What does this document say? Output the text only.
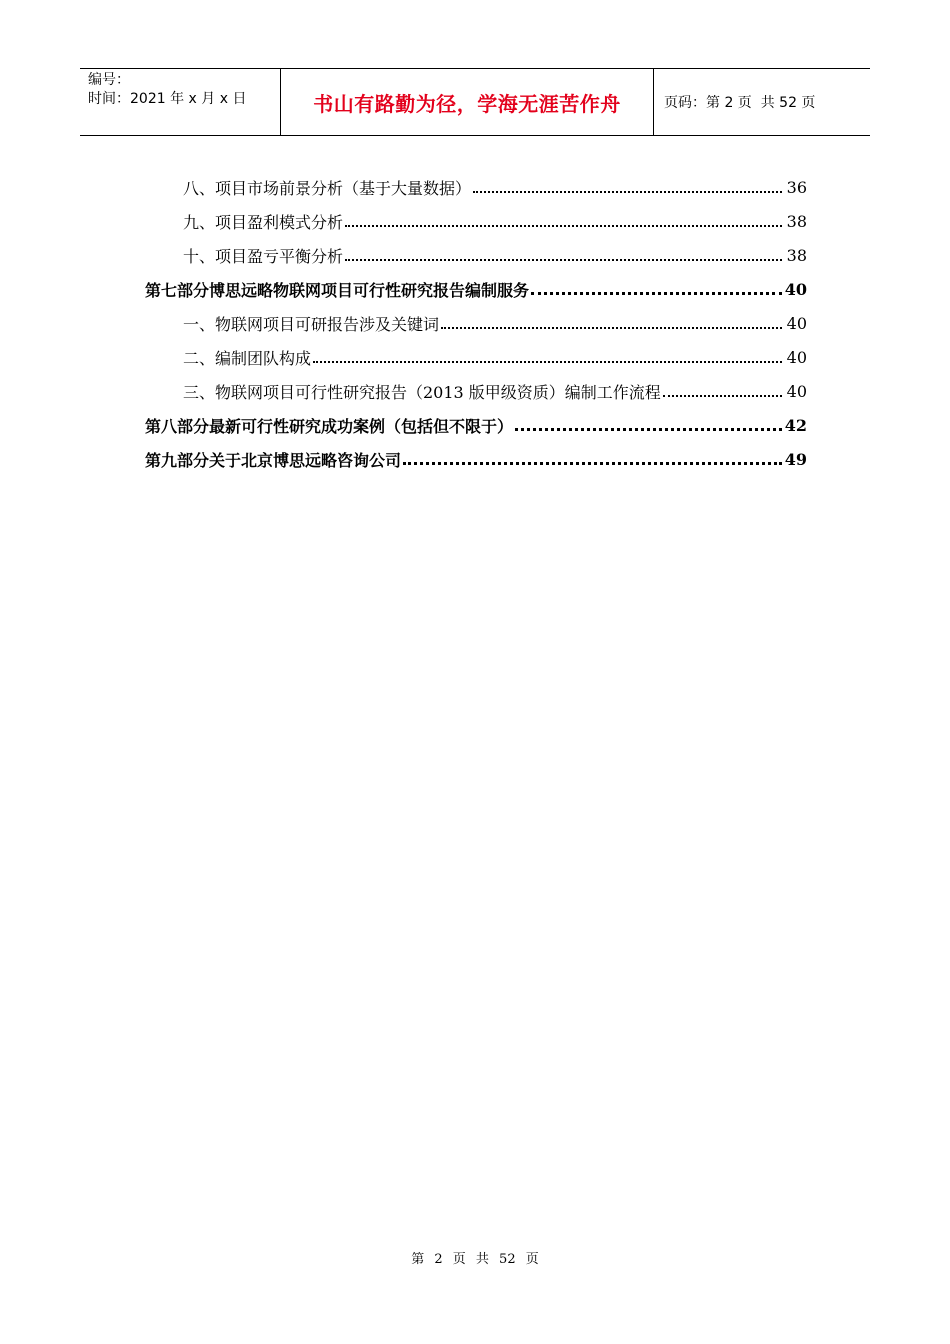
编号：
时间：2021 年 x 月 x 日	书山有路勤为径，学海无涯苦作舟	页码：第 2 页  共 52 页
八、项目市场前景分析（基于大量数据）	36
九、项目盈利模式分析	38
十、项目盈亏平衡分析	38
第七部分博思远略物联网项目可行性研究报告编制服务	40
一、物联网项目可研报告涉及关键词	40
二、编制团队构成	40
三、物联网项目可行性研究报告（2013 版甲级资质）编制工作流程	40
第八部分最新可行性研究成功案例（包括但不限于）	42
第九部分关于北京博思远略咨询公司	49
第 2 页 共 52 页
